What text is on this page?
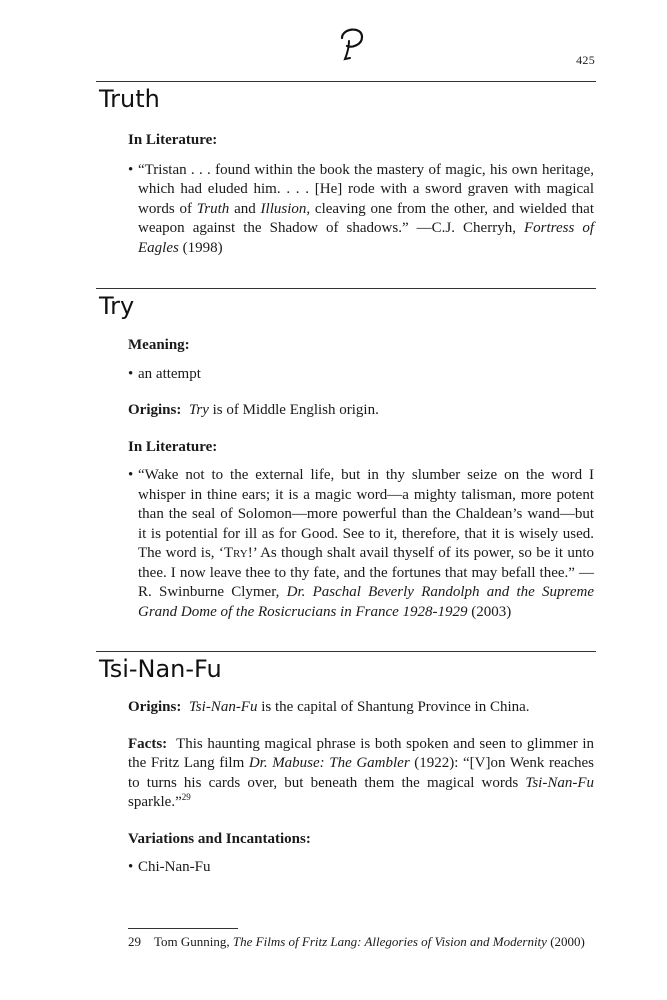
425
Truth

In Literature:

• “Tristan . . . found within the book the mastery of magic, his own heritage, which had eluded him. . . . [He] rode with a sword graven with magical words of Truth and Illusion, cleaving one from the other, and wielded that weapon against the Shadow of shadows.” —C.J. Cherryh, Fortress of Eagles (1998)

Try

Meaning:

• an attempt

Origins: Try is of Middle English origin.

In Literature:

• “Wake not to the external life, but in thy slumber seize on the word I whisper in thine ears; it is a magic word—a mighty talisman, more potent than the seal of Solomon—more powerful than the Chaldean’s wand—but it is potential for ill as for Good. See to it, therefore, that it is wisely used. The word is, ‘Try!’ As though shalt avail thyself of its power, so be it unto thee. I now leave thee to thy fate, and the fortunes that may befall thee.” —R. Swinburne Clymer, Dr. Paschal Beverly Randolph and the Supreme Grand Dome of the Rosicrucians in France 1928-1929 (2003)

Tsi-Nan-Fu

Origins: Tsi-Nan-Fu is the capital of Shantung Province in China.

Facts: This haunting magical phrase is both spoken and seen to glimmer in the Fritz Lang film Dr. Mabuse: The Gambler (1922): “[V]on Wenk reaches to turns his cards over, but beneath them the magical words Tsi-Nan-Fu sparkle.”$^{29}$

Variations and Incantations:

• Chi-Nan-Fu

29 Tom Gunning, The Films of Fritz Lang: Allegories of Vision and Modernity (2000)
